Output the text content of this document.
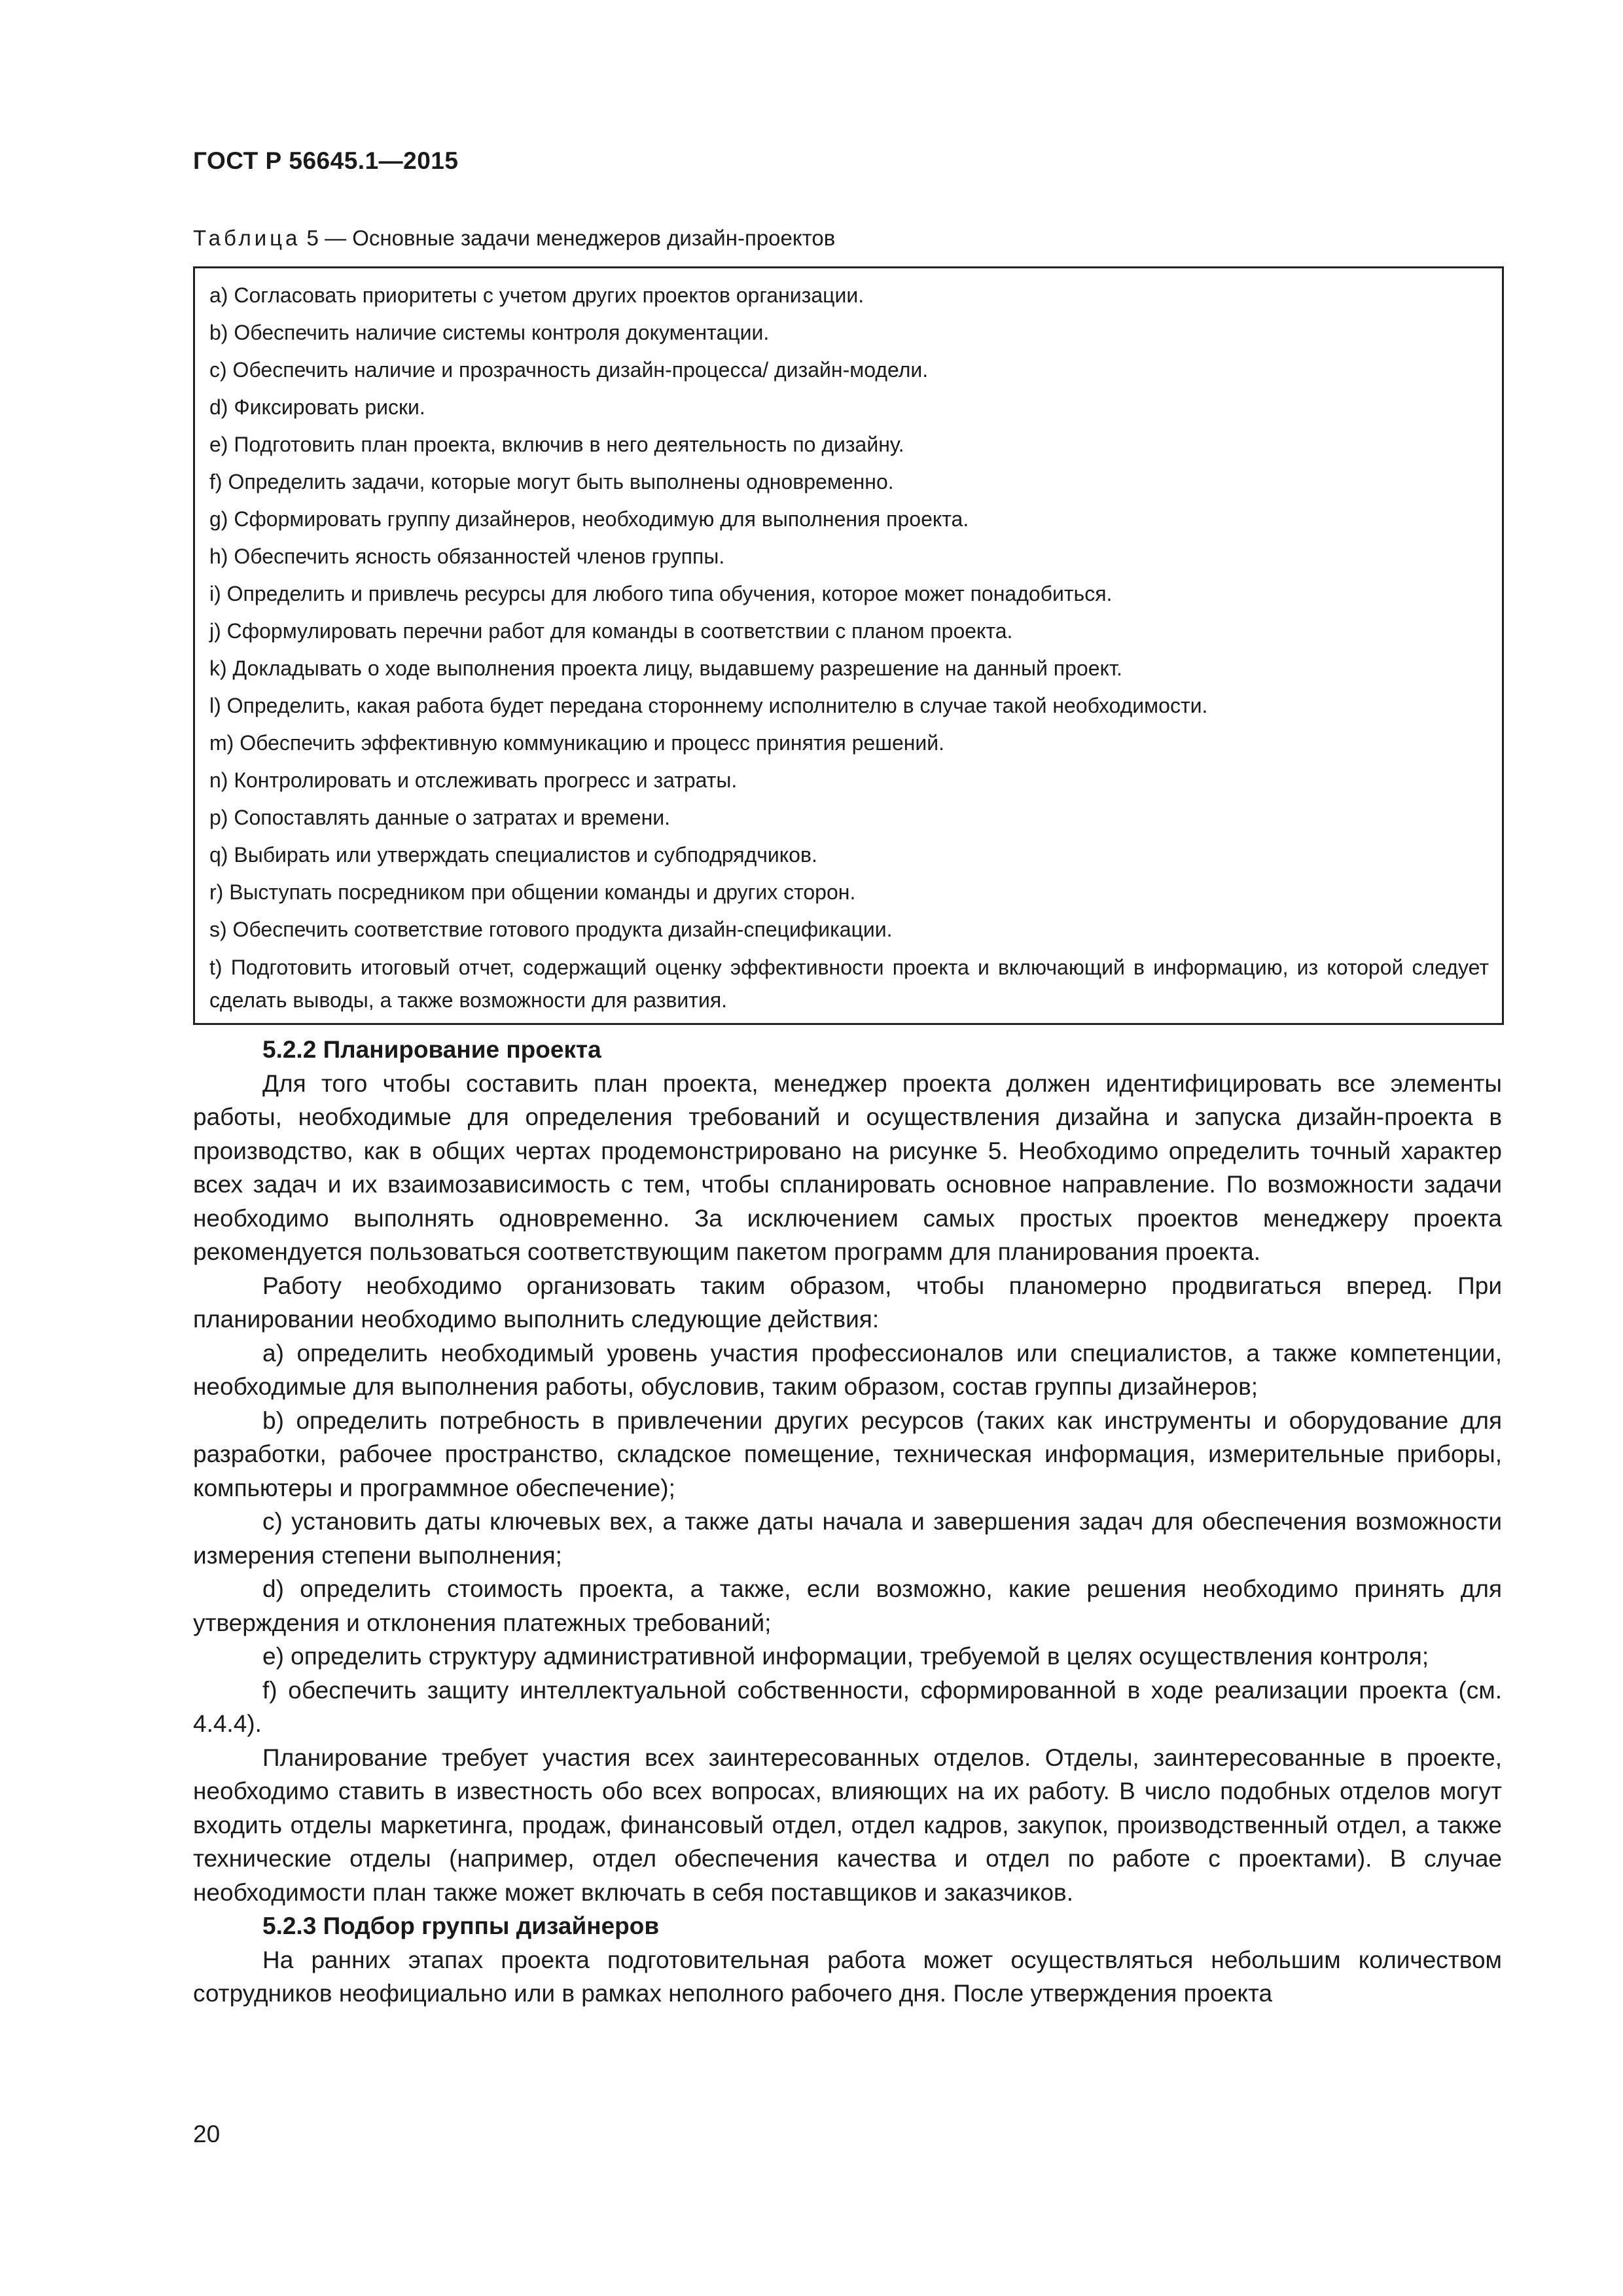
ГОСТ Р 56645.1—2015
Таблица 5 — Основные задачи менеджеров дизайн-проектов
a) Согласовать приоритеты с учетом других проектов организации.
b) Обеспечить наличие системы контроля документации.
c) Обеспечить наличие и прозрачность дизайн-процесса/ дизайн-модели.
d) Фиксировать риски.
e) Подготовить план проекта, включив в него деятельность по дизайну.
f) Определить задачи, которые могут быть выполнены одновременно.
g) Сформировать группу дизайнеров, необходимую для выполнения проекта.
h) Обеспечить ясность обязанностей членов группы.
i) Определить и привлечь ресурсы для любого типа обучения, которое может понадобиться.
j) Сформулировать перечни работ для команды в соответствии с планом проекта.
k) Докладывать о ходе выполнения проекта лицу, выдавшему разрешение на данный проект.
l) Определить, какая работа будет передана стороннему исполнителю в случае такой необходимости.
m) Обеспечить эффективную коммуникацию и процесс принятия решений.
n) Контролировать и отслеживать прогресс и затраты.
p) Сопоставлять данные о затратах и времени.
q) Выбирать или утверждать специалистов и субподрядчиков.
r) Выступать посредником при общении команды и других сторон.
s) Обеспечить соответствие готового продукта дизайн-спецификации.
t) Подготовить итоговый отчет, содержащий оценку эффективности проекта и включающий в информацию, из которой следует сделать выводы, а также возможности для развития.
5.2.2 Планирование проекта

Для того чтобы составить план проекта, менеджер проекта должен идентифицировать все элементы работы, необходимые для определения требований и осуществления дизайна и запуска дизайн-проекта в производство, как в общих чертах продемонстрировано на рисунке 5. Необходимо определить точный характер всех задач и их взаимозависимость с тем, чтобы спланировать основное направление. По возможности задачи необходимо выполнять одновременно. За исключением самых простых проектов менеджеру проекта рекомендуется пользоваться соответствующим пакетом программ для планирования проекта.

Работу необходимо организовать таким образом, чтобы планомерно продвигаться вперед. При планировании необходимо выполнить следующие действия:

a) определить необходимый уровень участия профессионалов или специалистов, а также компетенции, необходимые для выполнения работы, обусловив, таким образом, состав группы дизайнеров;

b) определить потребность в привлечении других ресурсов (таких как инструменты и оборудование для разработки, рабочее пространство, складское помещение, техническая информация, измерительные приборы, компьютеры и программное обеспечение);

c) установить даты ключевых вех, а также даты начала и завершения задач для обеспечения возможности измерения степени выполнения;

d) определить стоимость проекта, а также, если возможно, какие решения необходимо принять для утверждения и отклонения платежных требований;

e) определить структуру административной информации, требуемой в целях осуществления контроля;

f) обеспечить защиту интеллектуальной собственности, сформированной в ходе реализации проекта (см. 4.4.4).

Планирование требует участия всех заинтересованных отделов. Отделы, заинтересованные в проекте, необходимо ставить в известность обо всех вопросах, влияющих на их работу. В число подобных отделов могут входить отделы маркетинга, продаж, финансовый отдел, отдел кадров, закупок, производственный отдел, а также технические отделы (например, отдел обеспечения качества и отдел по работе с проектами). В случае необходимости план также может включать в себя поставщиков и заказчиков.

5.2.3 Подбор группы дизайнеров

На ранних этапах проекта подготовительная работа может осуществляться небольшим количеством сотрудников неофициально или в рамках неполного рабочего дня. После утверждения проекта

20
